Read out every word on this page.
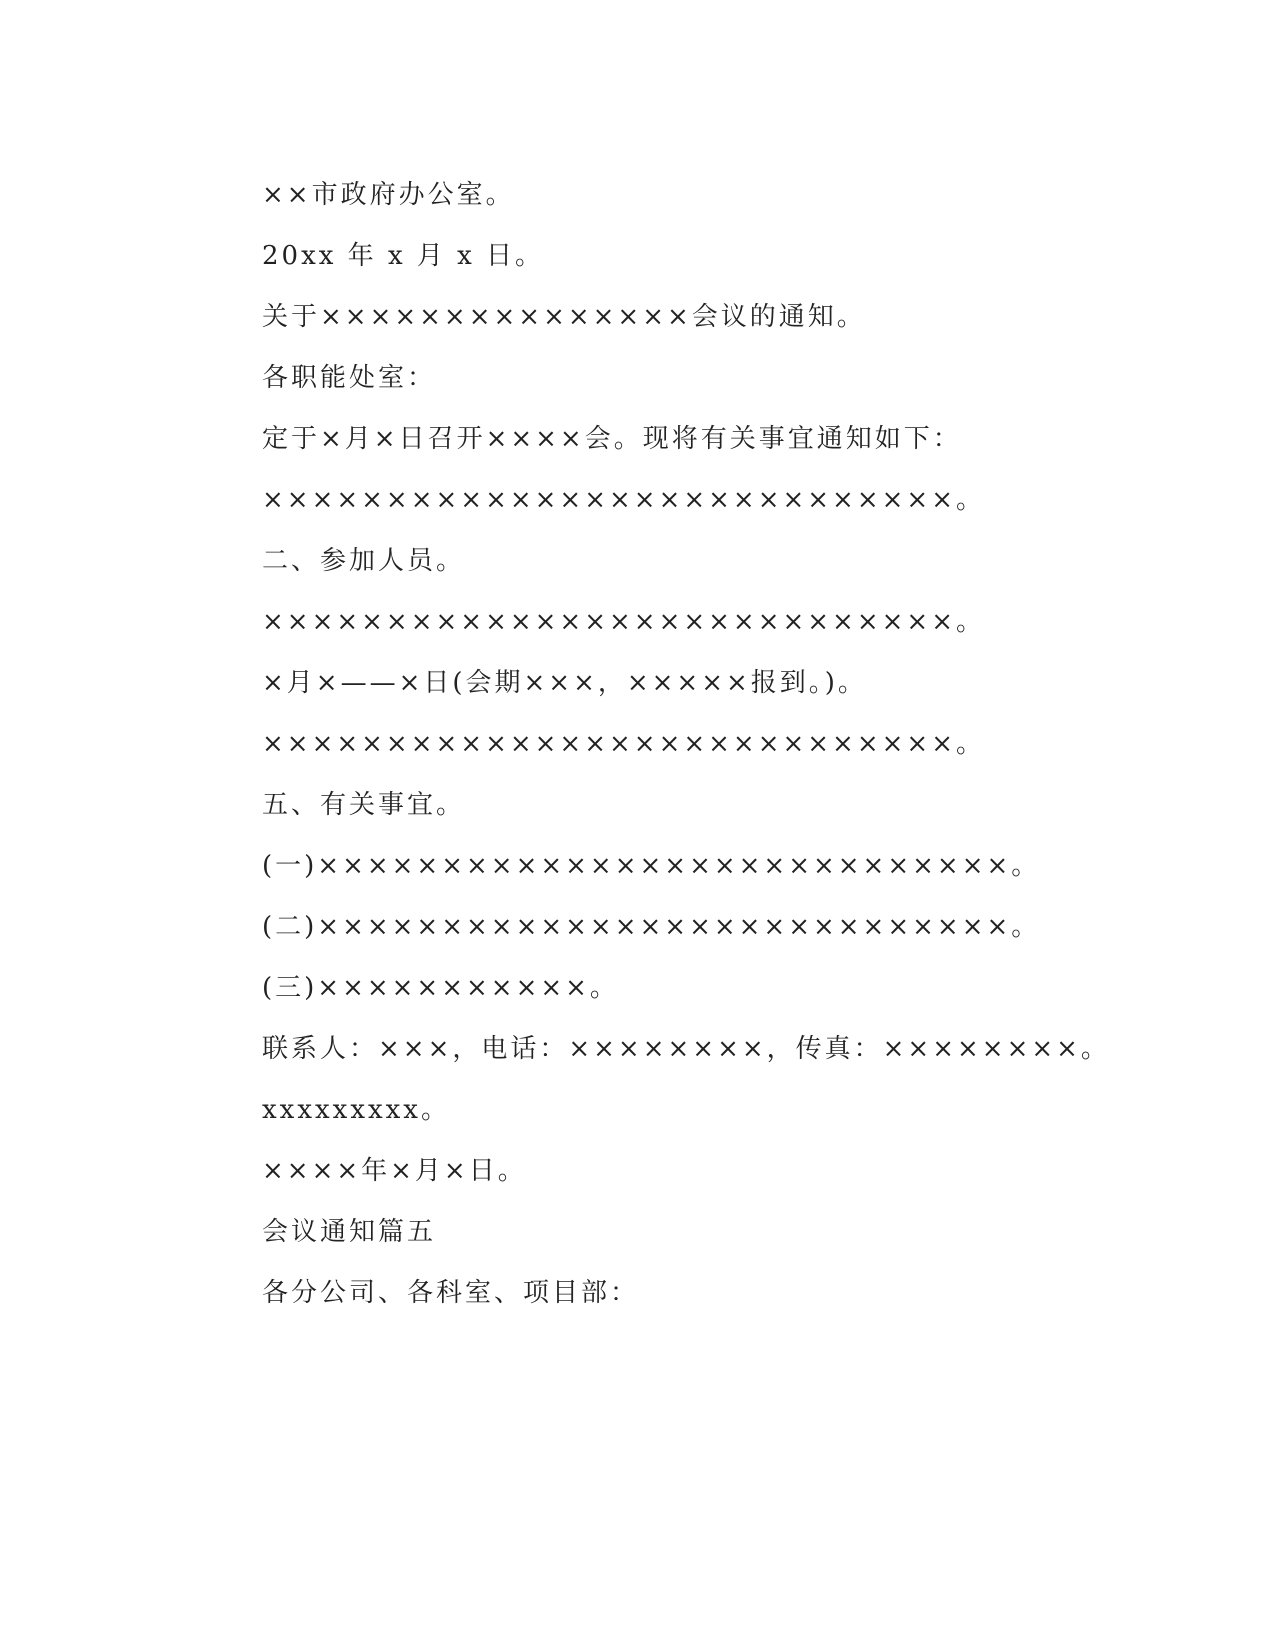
××市政府办公室。
20xx 年 x 月 x 日。
关于×××××××××××××××会议的通知。
各职能处室：
定于×月×日召开××××会。现将有关事宜通知如下：
××××××××××××××××××××××××××××。
二、参加人员。
××××××××××××××××××××××××××××。
×月×——×日(会期×××，×××××报到。)。
××××××××××××××××××××××××××××。
五、有关事宜。
(一)××××××××××××××××××××××××××××。
(二)××××××××××××××××××××××××××××。
(三)×××××××××××。
联系人：×××，电话：××××××××，传真：××××××××。
xxxxxxxxx。
××××年×月×日。
会议通知篇五
各分公司、各科室、项目部：
